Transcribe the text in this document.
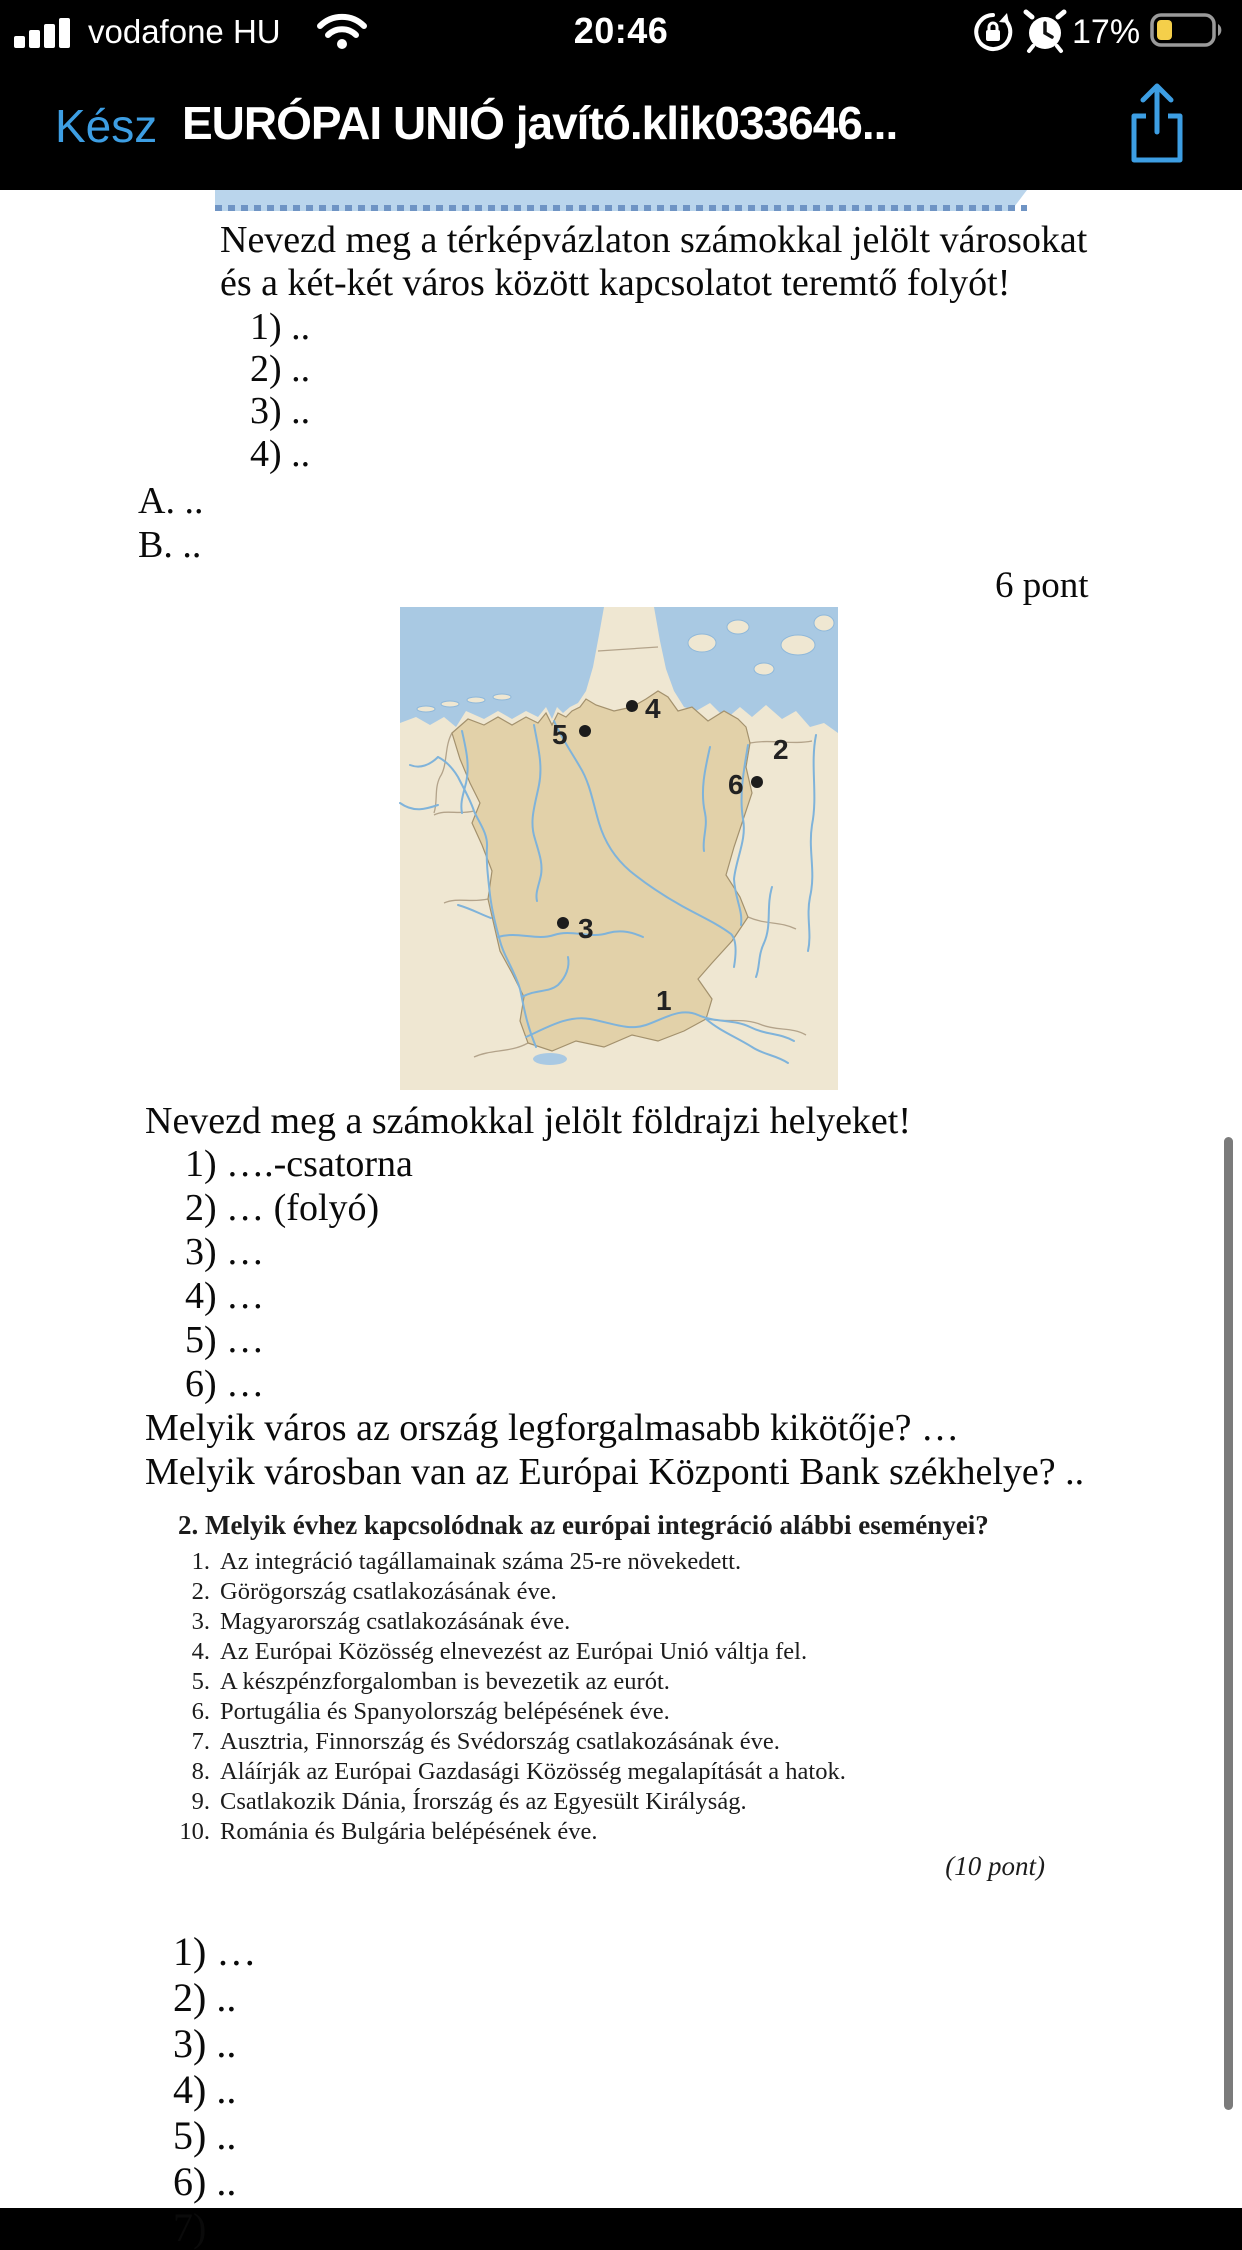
vodafone HU	20:46	17%
Kész EURÓPAI UNIÓ javító.klik033646...
Nevezd meg a térképvázlaton számokkal jelölt városokat
és a két-két város között kapcsolatot teremtő folyót!
1) ..
2) ..
3) ..
4) ..
A. ..
B. ..
6 pont
1
2
3
4
5
6
Nevezd meg a számokkal jelölt földrajzi helyeket!
1) ….-csatorna
2) … (folyó)
3) …
4) …
5) …
6) …
Melyik város az ország legforgalmasabb kikötője? …
Melyik városban van az Európai Központi Bank székhelye? ..
2. Melyik évhez kapcsolódnak az európai integráció alábbi eseményei?
1. Az integráció tagállamainak száma 25-re növekedett.
2. Görögország csatlakozásának éve.
3. Magyarország csatlakozásának éve.
4. Az Európai Közösség elnevezést az Európai Unió váltja fel.
5. A készpénzforgalomban is bevezetik az eurót.
6. Portugália és Spanyolország belépésének éve.
7. Ausztria, Finnország és Svédország csatlakozásának éve.
8. Aláírják az Európai Gazdasági Közösség megalapítását a hatok.
9. Csatlakozik Dánia, Írország és az Egyesült Királyság.
10. Románia és Bulgária belépésének éve.
(10 pont)
1) …
2) ..
3) ..
4) ..
5) ..
6) ..
7)
